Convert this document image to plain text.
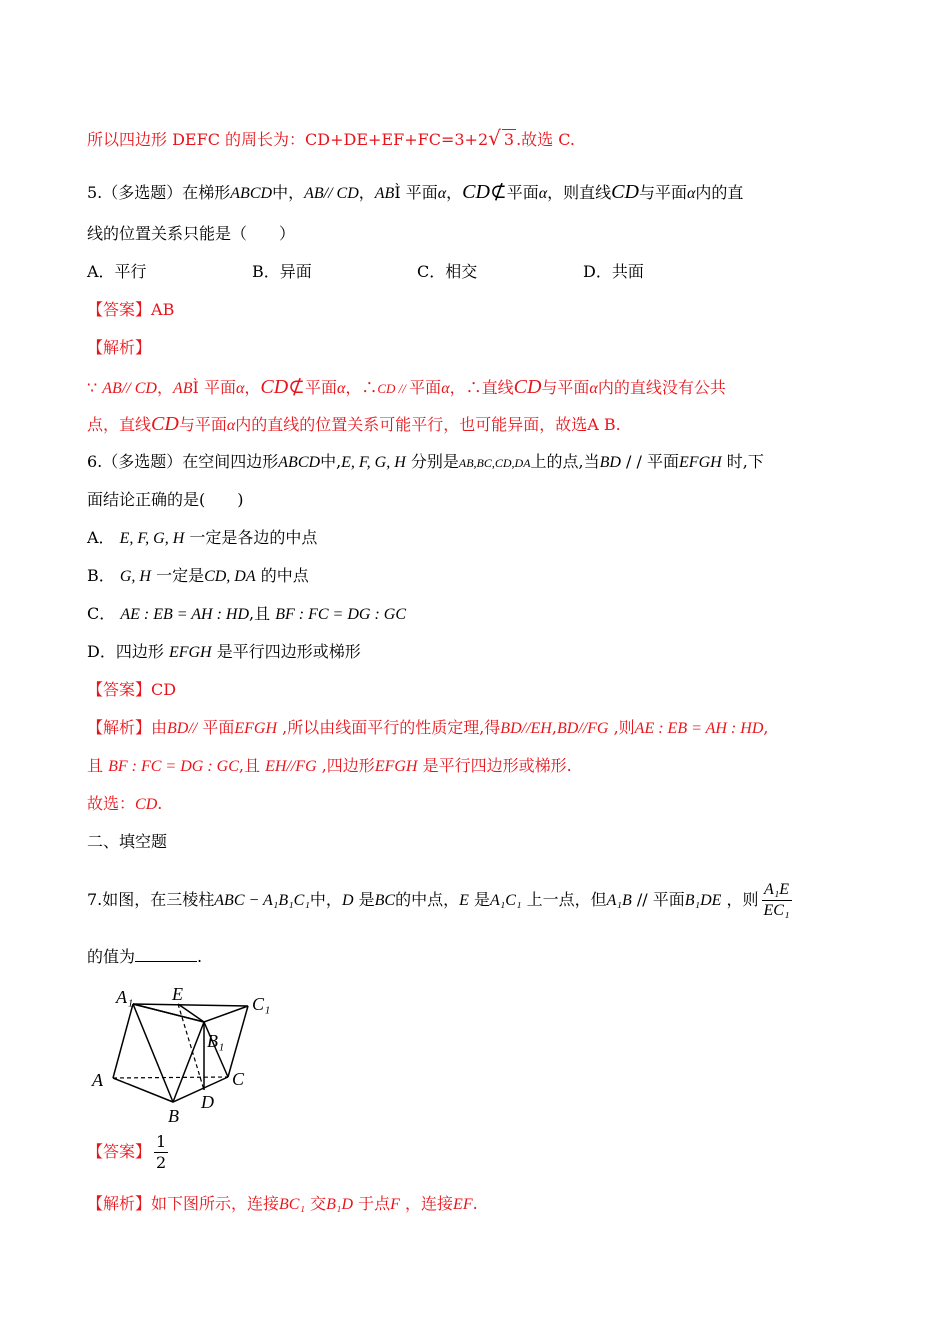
所以四边形 DEFC 的周长为：CD+DE+EF+FC=3+2√ 3 .故选 C.
5.（多选题）在梯形ABCD中，AB// CD，ABÌ 平面α，CD⊄平面α，则直线CD与平面α内的直
线的位置关系只能是（　　）
A．平行	B．异面	C．相交	D．共面
【答案】AB
【解析】
∵ AB// CD，ABÌ 平面α，CD⊄平面α，∴CD // 平面α，∴直线CD与平面α内的直线没有公共
点，直线CD与平面α内的直线的位置关系可能平行，也可能异面，故选A B.
6.（多选题）在空间四边形ABCD中,E, F, G, H 分别是AB,BC,CD,DA上的点,当BD / / 平面EFGH 时,下
面结论正确的是(　　)
A． E, F, G, H 一定是各边的中点
B． G, H 一定是CD, DA 的中点
C． AE : EB = AH : HD,且 BF : FC = DG : GC
D．四边形 EFGH 是平行四边形或梯形
【答案】CD
【解析】由BD// 平面EFGH ,所以由线面平行的性质定理,得BD//EH,BD//FG ,则AE : EB = AH : HD,
且 BF : FC = DG : GC,且 EH//FG ,四边形EFGH 是平行四边形或梯形.
故选：CD.
二、填空题
7.如图，在三棱柱ABC − A₁B₁C₁中，D 是BC的中点，E 是A₁C₁ 上一点，但A₁B // 平面B₁DE ，则 $\frac{\text{A₁E}}{\text{EC₁}}$
的值为	.
A₁ E	C₁
B₁
A	C
B
D
【答案】 $\frac{1}{2}$
【解析】如下图所示，连接BC₁ 交B₁D 于点F ，连接EF.
